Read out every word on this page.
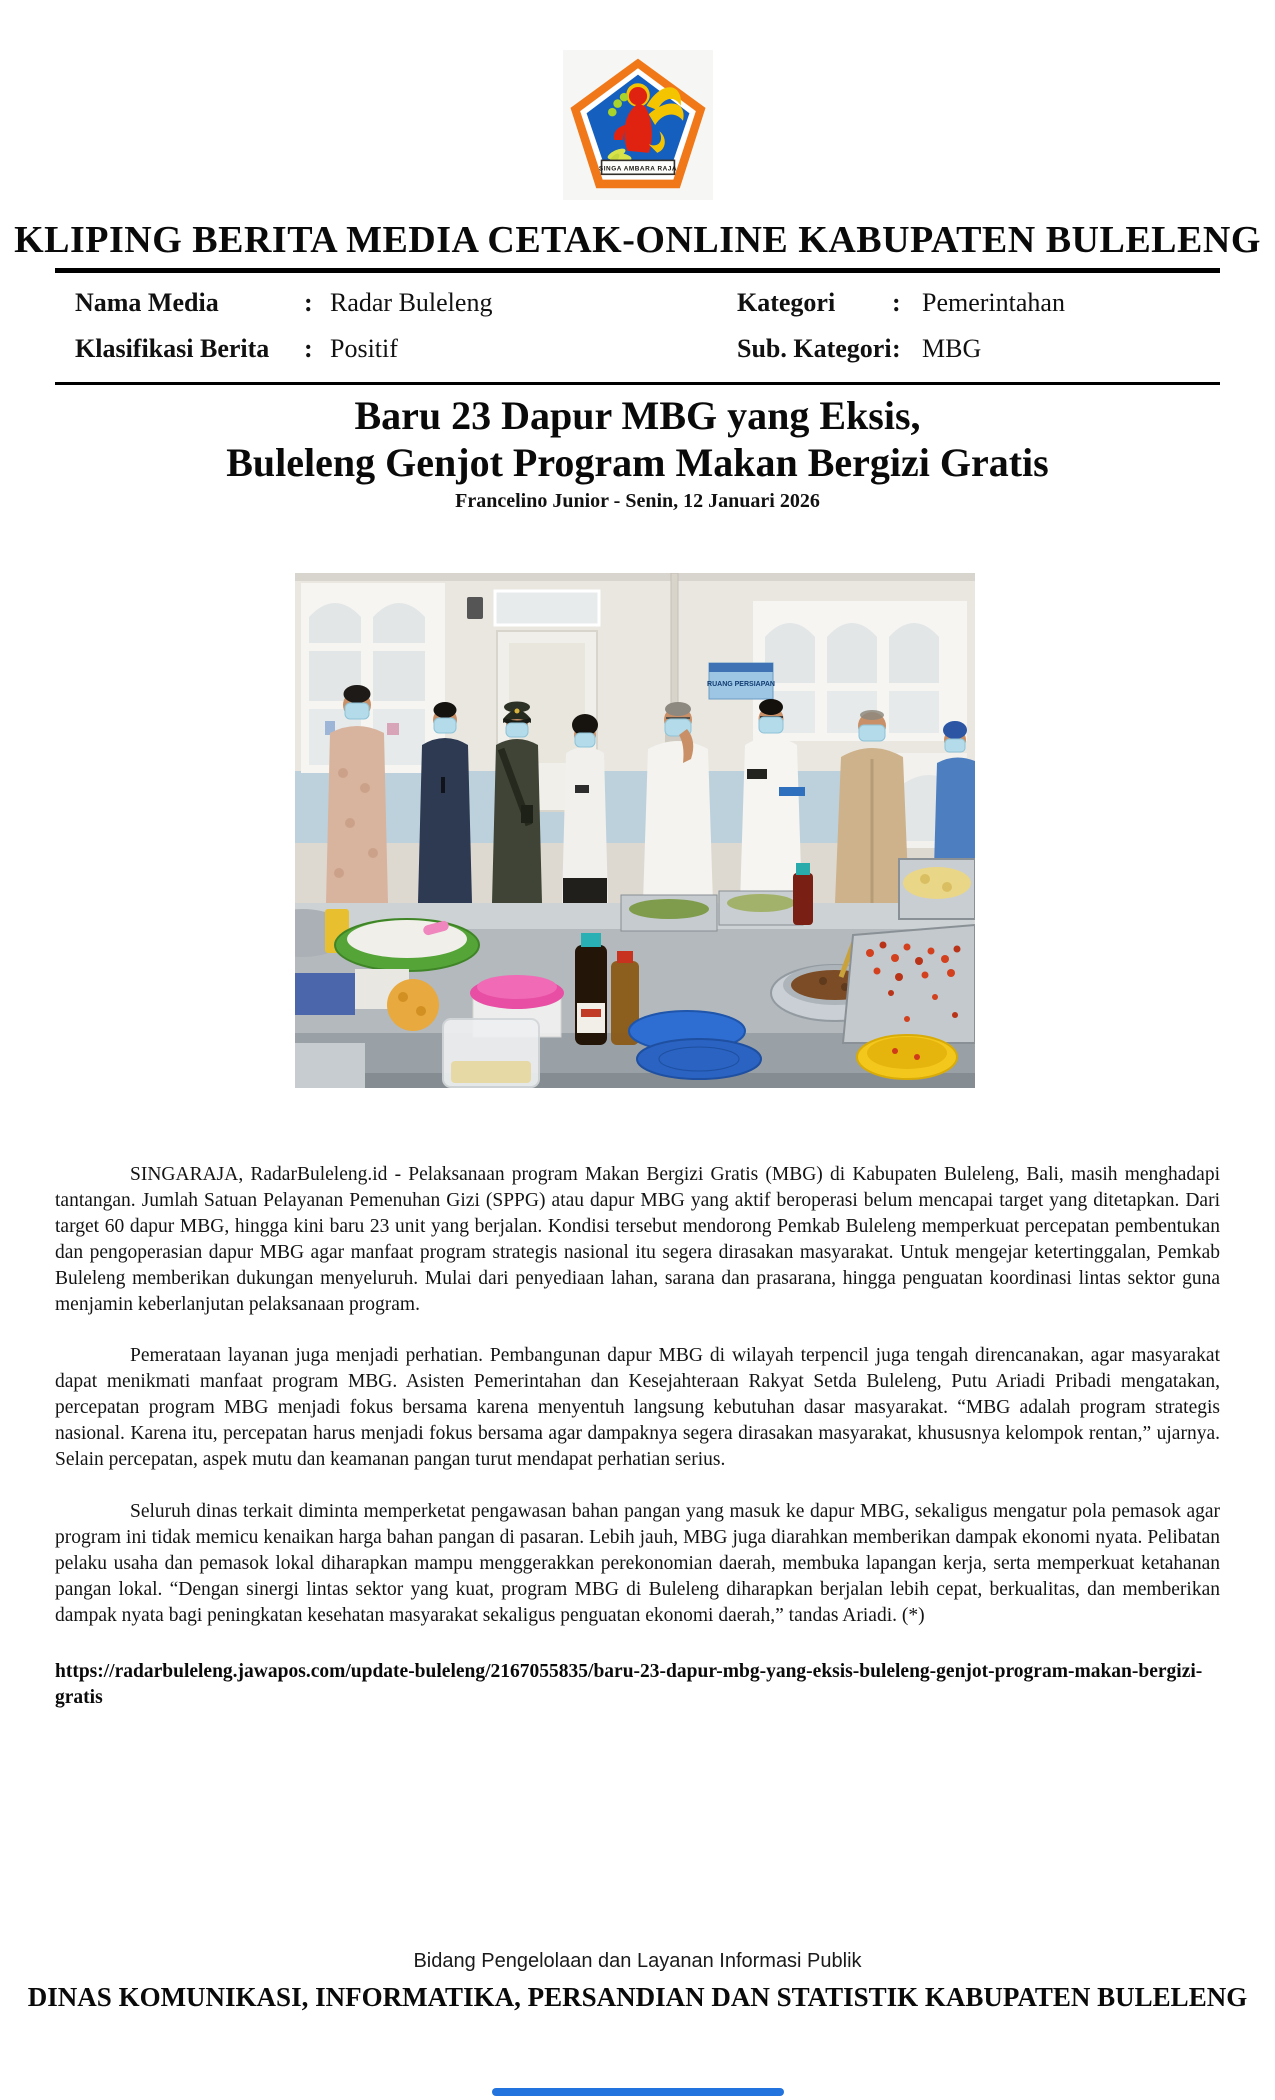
SINGA AMBARA RAJA
KLIPING BERITA MEDIA CETAK-ONLINE KABUPATEN BULELENG
Nama Media	: Radar Buleleng	Kategori	: Pemerintahan
Klasifikasi Berita	: Positif	Sub. Kategori : MBG
Baru 23 Dapur MBG yang Eksis,
Buleleng Genjot Program Makan Bergizi Gratis
Francelino Junior - Senin, 12 Januari 2026
RUANG PERSIAPAN

SINGARAJA, RadarBuleleng.id - Pelaksanaan program Makan Bergizi Gratis (MBG) di Kabupaten Buleleng, Bali, masih menghadapi tantangan. Jumlah Satuan Pelayanan Pemenuhan Gizi (SPPG) atau dapur MBG yang aktif beroperasi belum mencapai target yang ditetapkan. Dari target 60 dapur MBG, hingga kini baru 23 unit yang berjalan. Kondisi tersebut mendorong Pemkab Buleleng memperkuat percepatan pembentukan dan pengoperasian dapur MBG agar manfaat program strategis nasional itu segera dirasakan masyarakat. Untuk mengejar ketertinggalan, Pemkab Buleleng memberikan dukungan menyeluruh. Mulai dari penyediaan lahan, sarana dan prasarana, hingga penguatan koordinasi lintas sektor guna menjamin keberlanjutan pelaksanaan program.

Pemerataan layanan juga menjadi perhatian. Pembangunan dapur MBG di wilayah terpencil juga tengah direncanakan, agar masyarakat dapat menikmati manfaat program MBG. Asisten Pemerintahan dan Kesejahteraan Rakyat Setda Buleleng, Putu Ariadi Pribadi mengatakan, percepatan program MBG menjadi fokus bersama karena menyentuh langsung kebutuhan dasar masyarakat. “MBG adalah program strategis nasional. Karena itu, percepatan harus menjadi fokus bersama agar dampaknya segera dirasakan masyarakat, khususnya kelompok rentan,” ujarnya. Selain percepatan, aspek mutu dan keamanan pangan turut mendapat perhatian serius.

Seluruh dinas terkait diminta memperketat pengawasan bahan pangan yang masuk ke dapur MBG, sekaligus mengatur pola pemasok agar program ini tidak memicu kenaikan harga bahan pangan di pasaran. Lebih jauh, MBG juga diarahkan memberikan dampak ekonomi nyata. Pelibatan pelaku usaha dan pemasok lokal diharapkan mampu menggerakkan perekonomian daerah, membuka lapangan kerja, serta memperkuat ketahanan pangan lokal. “Dengan sinergi lintas sektor yang kuat, program MBG di Buleleng diharapkan berjalan lebih cepat, berkualitas, dan memberikan dampak nyata bagi peningkatan kesehatan masyarakat sekaligus penguatan ekonomi daerah,” tandas Ariadi. (*)

https://radarbuleleng.jawapos.com/update-buleleng/2167055835/baru-23-dapur-mbg-yang-eksis-buleleng-genjot-program-makan-bergizi-gratis
Bidang Pengelolaan dan Layanan Informasi Publik
DINAS KOMUNIKASI, INFORMATIKA, PERSANDIAN DAN STATISTIK KABUPATEN BULELENG
